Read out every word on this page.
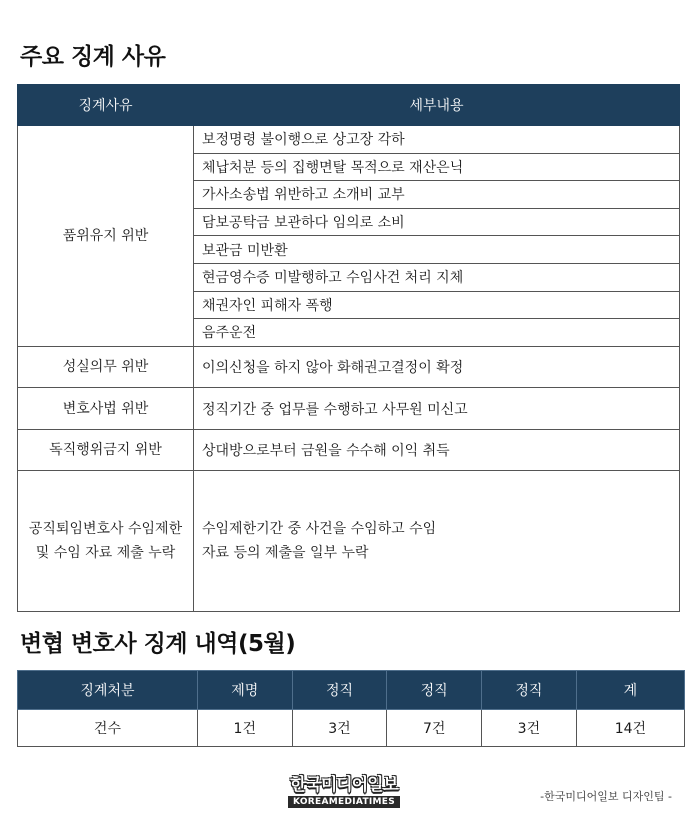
주요 징계 사유
징계사유	세부내용
품위유지 위반	보정명령 불이행으로 상고장 각하
	체납처분 등의 집행면탈 목적으로 재산은닉
	가사소송법 위반하고 소개비 교부
	담보공탁금 보관하다 임의로 소비
	보관금 미반환
	현금영수증 미발행하고 수임사건 처리 지체
	채권자인 피해자 폭행
	음주운전
성실의무 위반	이의신청을 하지 않아 화해권고결정이 확정
변호사법 위반	정직기간 중 업무를 수행하고 사무원 미신고
독직행위금지 위반	상대방으로부터 금원을 수수해 이익 취득
공직퇴임변호사 수임제한 및 수임 자료 제출 누락	수임제한기간 중 사건을 수임하고 수임자료 등의 제출을 일부 누락
변협 변호사 징계 내역(5월)
징계처분	제명	정직	정직	정직	계
건수	1건	3건	7건	3건	14건
한국미디어일보
KOREAMEDIATIMES	-한국미디어일보 디자인팀 -
